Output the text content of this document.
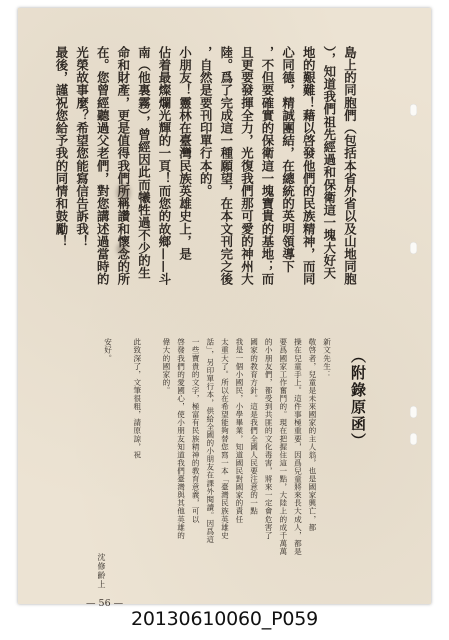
島上的同胞們（包括本省外省以及山地同胞
），知道我們祖先經過和保衛這一塊大好天
地的艱難！藉以啓發他們的民族精神，而同
心同德，精誠團結，在總統的英明領導下
，不但要確實的保衛這一塊寶貴的基地；而
且更要發揮全力，光復我們那可愛的神州大
陸。爲了完成這一種願望，在本文刊完之後
，自然是要刊印單行本的。
小朋友！靈林在臺灣民族英雄史上，是
佔着最燦爛光輝的一頁！而您的故鄉——斗
南（他裏霧），曾經因此而犧牲過不少的生
命和財產，更是值得我們所稱讚和懷念的所
在。您曾經聽過父老們，對您講述過當時的
光榮故事麼？希望您能寫信告訴我！
最後，謹祝您給予我的同情和鼓勵！
（附錄原函）
新文先生：
敬啓者，兒童是未來國家的主人翁，也是國家興亡，都
操在兒童手上。這件事極重要，因爲兒童將來長大成人，都是
要爲國家工作奮鬥的。現在把握住這一點，大陸上的成千萬萬
的小朋友們，都受到共匪的文化毒害，將來一定會危害了
國家的教育方針。這是我們全國人民要注意的一點
我是一個小國民，小學畢業，知道國民對國家的責任
太重大了。所以在希望能夠替您寫一本「臺灣民族英雄史
話」，另印單行本，供給全國的小朋友在課外閱讀。因爲這
一些寶貴的文字，極富有民族精神的教育意義，可以
啓發我們的愛國心，使小朋友知道我們臺灣與其他英雄的
偉大的國家的。
此致深了，文筆很粗，請原諒，祝
安好。
沈修齡上
— 56 —
20130610060_P059
